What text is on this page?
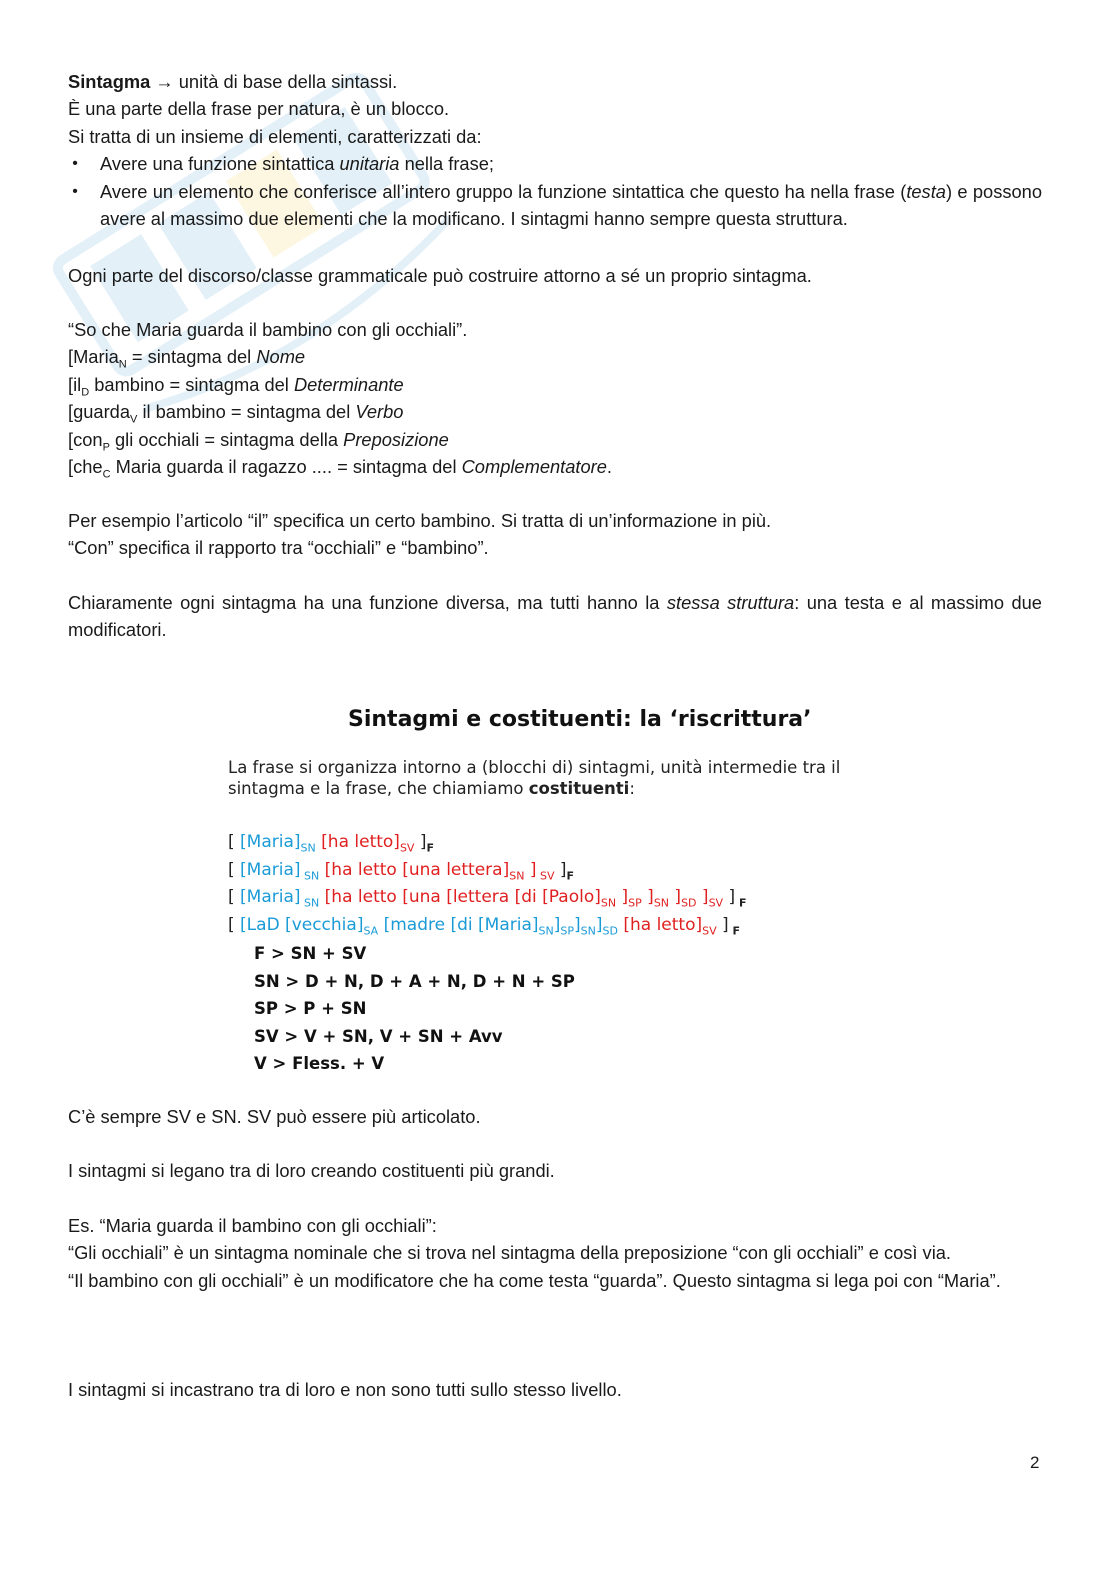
Sintagma → unità di base della sintassi.

È una parte della frase per natura, è un blocco.

Si tratta di un insieme di elementi, caratterizzati da:

• Avere una funzione sintattica unitaria nella frase;
• Avere un elemento che conferisce all’intero gruppo la funzione sintattica che questo ha nella frase (testa) e possono avere al massimo due elementi che la modificano. I sintagmi hanno sempre questa struttura.

Ogni parte del discorso/classe grammaticale può costruire attorno a sé un proprio sintagma.

“So che Maria guarda il bambino con gli occhiali”.

[Maria$_N$ = sintagma del Nome

[$il_D$ bambino = sintagma del Determinante

[guarda$_V$ il bambino = sintagma del Verbo

[con$_P$ gli occhiali = sintagma della Preposizione

[che$_C$ Maria guarda il ragazzo .... = sintagma del Complementatore.

Per esempio l’articolo “il” specifica un certo bambino. Si tratta di un’informazione in più.

“Con” specifica il rapporto tra “occhiali” e “bambino”.

Chiaramente ogni sintagma ha una funzione diversa, ma tutti hanno la stessa struttura: una testa e al massimo due modificatori.

Sintagmi e costituenti: la ‘riscrittura’
La frase si organizza intorno a (blocchi di) sintagmi, unità intermedie tra il sintagma e la frase, che chiamiamo costituenti:
[ $[Maria]_{SN}$ [ha $letto]_{SV}$ ]$_F$
[ [Maria] $_{SN}$ [ha letto [una $lettera]_{SN}$ ] $_{SV}$ ]$_F$
[ [Maria] $_{SN}$ [ha letto [una [lettera [di $[Paolo]_{SN}$ ]$_{SP}$ ]$_{SN}$ ]$_{SD}$ ]$_{SV}$ ] $_F$
[ [LaD $[vecchia]_{SA}$ [madre [di $[Maria]_{SN}]_{SP}]_{SN}]_{SD}$ [ha $letto]_{SV}$ ] $_F$
F > SN + SV
SN > D + N, D + A + N, D + N + SP
SP > P + SN
SV > V + SN, V + SN + Avv
V > Fless. + V

C’è sempre SV e SN. SV può essere più articolato.

I sintagmi si legano tra di loro creando costituenti più grandi.

Es. “Maria guarda il bambino con gli occhiali”:

“Gli occhiali” è un sintagma nominale che si trova nel sintagma della preposizione “con gli occhiali” e così via.

“Il bambino con gli occhiali” è un modificatore che ha come testa “guarda”. Questo sintagma si lega poi con “Maria”.

I sintagmi si incastrano tra di loro e non sono tutti sullo stesso livello.

2
